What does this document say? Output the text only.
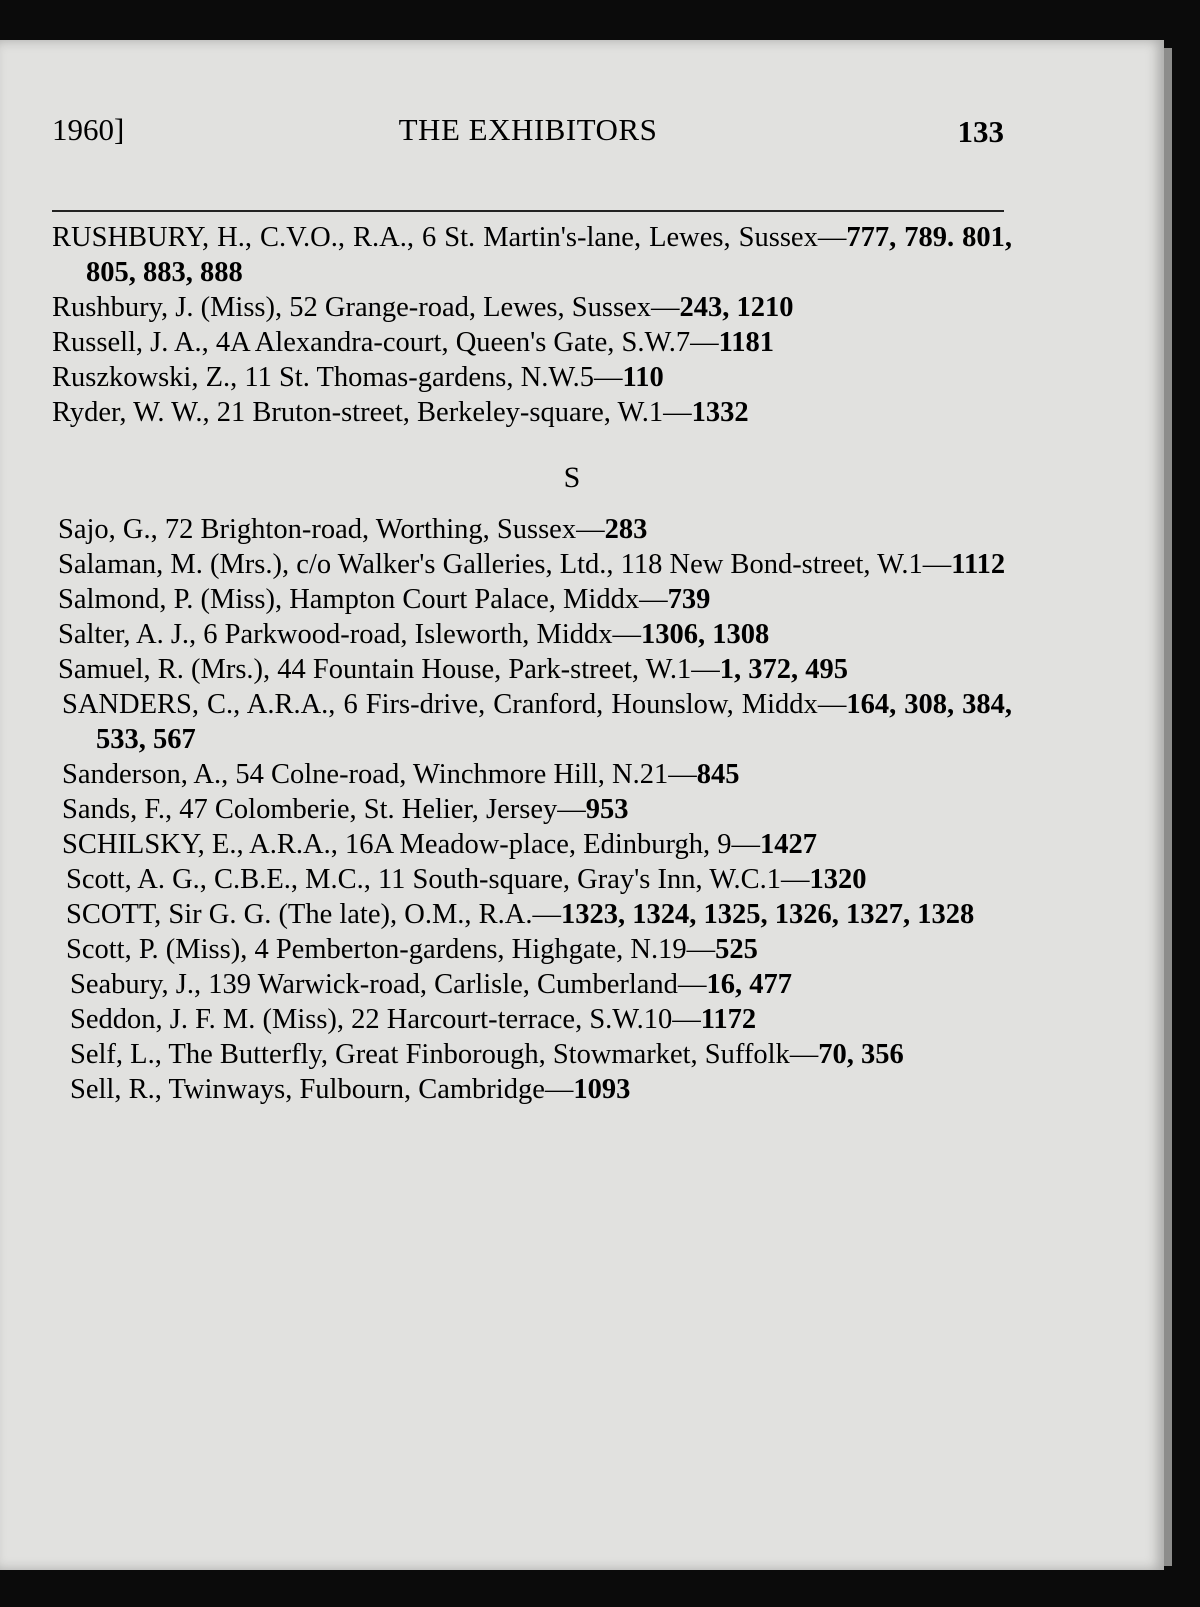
THE EXHIBITORS
1960]	133
RUSHBURY, H., C.V.O., R.A., 6 St. Martin's-lane, Lewes, Sussex—777, 789. 801, 805, 883, 888
Rushbury, J. (Miss), 52 Grange-road, Lewes, Sussex—243, 1210
Russell, J. A., 4A Alexandra-court, Queen's Gate, S.W.7—1181
Ruszkowski, Z., 11 St. Thomas-gardens, N.W.5—110
Ryder, W. W., 21 Bruton-street, Berkeley-square, W.1—1332
S
Sajo, G., 72 Brighton-road, Worthing, Sussex—283
Salaman, M. (Mrs.), c/o Walker's Galleries, Ltd., 118 New Bond-street, W.1—1112
Salmond, P. (Miss), Hampton Court Palace, Middx—739
Salter, A. J., 6 Parkwood-road, Isleworth, Middx—1306, 1308
Samuel, R. (Mrs.), 44 Fountain House, Park-street, W.1—1, 372, 495
SANDERS, C., A.R.A., 6 Firs-drive, Cranford, Hounslow, Middx—164, 308, 384, 533, 567
Sanderson, A., 54 Colne-road, Winchmore Hill, N.21—845
Sands, F., 47 Colomberie, St. Helier, Jersey—953
SCHILSKY, E., A.R.A., 16A Meadow-place, Edinburgh, 9—1427
Scott, A. G., C.B.E., M.C., 11 South-square, Gray's Inn, W.C.1—1320
SCOTT, Sir G. G. (The late), O.M., R.A.—1323, 1324, 1325, 1326, 1327, 1328
Scott, P. (Miss), 4 Pemberton-gardens, Highgate, N.19—525
Seabury, J., 139 Warwick-road, Carlisle, Cumberland—16, 477
Seddon, J. F. M. (Miss), 22 Harcourt-terrace, S.W.10—1172
Self, L., The Butterfly, Great Finborough, Stowmarket, Suffolk—70, 356
Sell, R., Twinways, Fulbourn, Cambridge—1093
